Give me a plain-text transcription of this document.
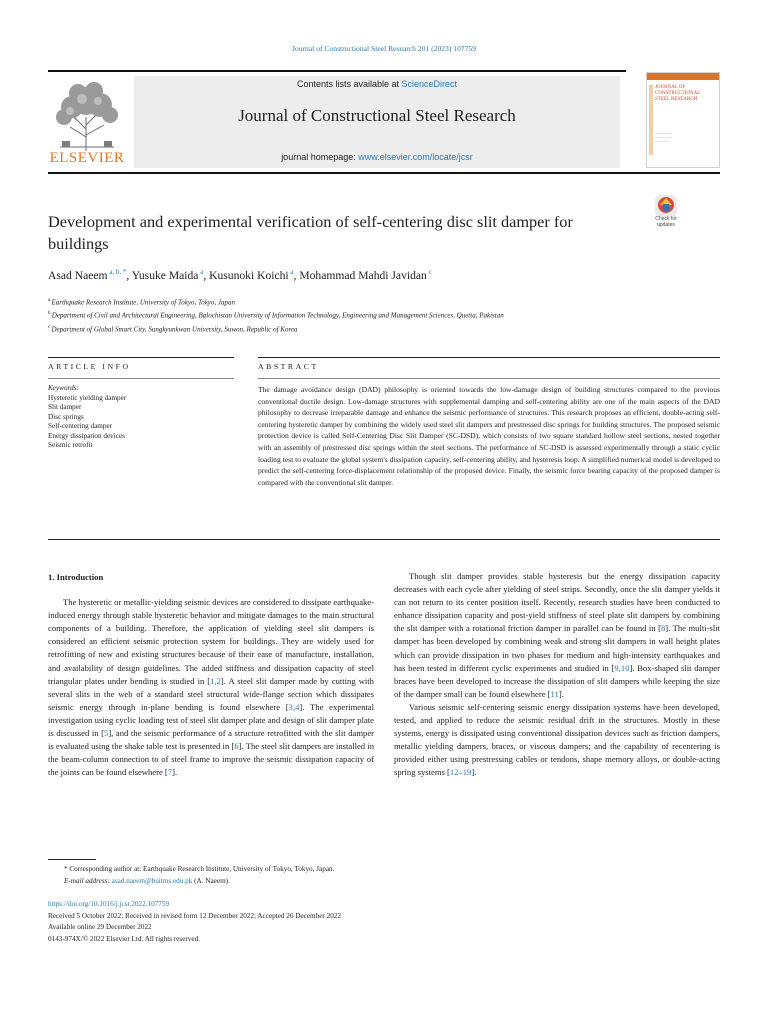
Journal of Constructional Steel Research 201 (2023) 107759
ELSEVIER
Contents lists available at ScienceDirect
Journal of Constructional Steel Research
journal homepage: www.elsevier.com/locate/jcsr
JOURNAL OF CONSTRUCTIONAL STEEL RESEARCH
────────
────────
──────
Development and experimental verification of self-centering disc slit damper for buildings
Check for updates
Asad Naeem $^{a, b, *}$, Yusuke Maida $^a$, Kusunoki Koichi $^a$, Mohammad Mahdi Javidan $^c$
$^a$ Earthquake Research Institute, University of Tokyo, Tokyo, Japan
$^b$ Department of Civil and Architectural Engineering, Balochistan University of Information Technology, Engineering and Management Sciences, Quetta, Pakistan
$^c$ Department of Global Smart City, Sungkyunkwan University, Suwon, Republic of Korea
ARTICLE INFO	ABSTRACT
Keywords:
Hysteretic yielding damper
Slit damper
Disc springs
Self-centering damper
Energy dissipation devices
Seismic retrofit
The damage avoidance design (DAD) philosophy is oriented towards the low-damage design of building structures compared to the previous conventional ductile design. Low-damage structures with supplemental damping and self-centering ability are one of the main aspects of the DAD philosophy to decrease irreparable damage and enhance the seismic performance of structures. This research proposes an efficient, double-acting self-centering hysteretic damper by combining the widely used steel slit dampers and prestressed disc springs for building structures. The proposed seismic protection device is called Self-Centering Disc Slit Damper (SC-DSD), which consists of two square standard hollow steel sections, nested together with an assembly of prestressed disc springs within the steel sections. The performance of SC-DSD is assessed experimentally through a static cyclic loading test to evaluate the global system's dissipation capacity, self-centering ability, and hysteresis loop. A simplified numerical model is developed to predict the self-centering force-displacement relationship of the proposed device. Finally, the seismic force bearing capacity of the proposed damper is compared with the conventional slit damper.
1. Introduction

The hysteretic or metallic-yielding seismic devices are considered to dissipate earthquake-induced energy through stable hysteretic behavior and mitigate damages to the main structural components of a building. Therefore, the application of yielding steel slit dampers is considered an efficient seismic protection system for buildings. They are widely used for retrofitting of new and existing structures because of their ease of manufacture, installation, and availability of design guidelines. The added stiffness and dissipation capacity of steel triangular plates under bending is studied in [1,2]. A steel slit damper made by cutting with several slits in the web of a standard steel structural wide-flange section which dissipates seismic energy through in-plane bending is found elsewhere [3,4]. The experimental investigation using cyclic loading test of steel slit damper plate and design of slit damper plate is discussed in [5], and the seismic performance of a structure retrofitted with the slit damper is evaluated using the shake table test is presented in [6]. The steel slit dampers are installed in the beam-column connection to of steel frame to improve the seismic dissipation capacity of the joints can be found elsewhere [7].

Though slit damper provides stable hysteresis but the energy dissipation capacity decreases with each cycle after yielding of steel strips. Secondly, once the slit damper yields it can not return to its center position itself. Recently, research studies have been conducted to enhance dissipation capacity and post-yield stiffness of steel plate slit dampers by combining the slit damper with a rotational friction damper in parallel can be found in [8]. The multi-slit damper has been developed by combining weak and strong slit dampers in wall height plates which can provide dissipation in two phases for medium and high-intensity earthquakes and has been tested in different cyclic experiments and studied in [9,10]. Box-shaped slit damper braces have been developed to increase the dissipation of slit dampers while keeping the size of the damper small can be found elsewhere [11].

Various seismic self-centering seismic energy dissipation systems have been developed, tested, and applied to reduce the seismic residual drift in the structures. Mostly in these systems, energy is dissipated using conventional dissipation devices such as friction dampers, metallic yielding dampers, braces, or viscous dampers; and the capability of recentering is provided either using prestressing cables or tendons, shape memory alloys, or double-acting spring systems [12–19].

* Corresponding author at: Earthquake Research Institute, University of Tokyo, Tokyo, Japan.
E-mail address: asad.naeem@buitms.edu.pk (A. Naeem).
https://doi.org/10.1016/j.jcsr.2022.107759
Received 5 October 2022; Received in revised form 12 December 2022; Accepted 26 December 2022
Available online 29 December 2022
0143-974X/© 2022 Elsevier Ltd. All rights reserved.
